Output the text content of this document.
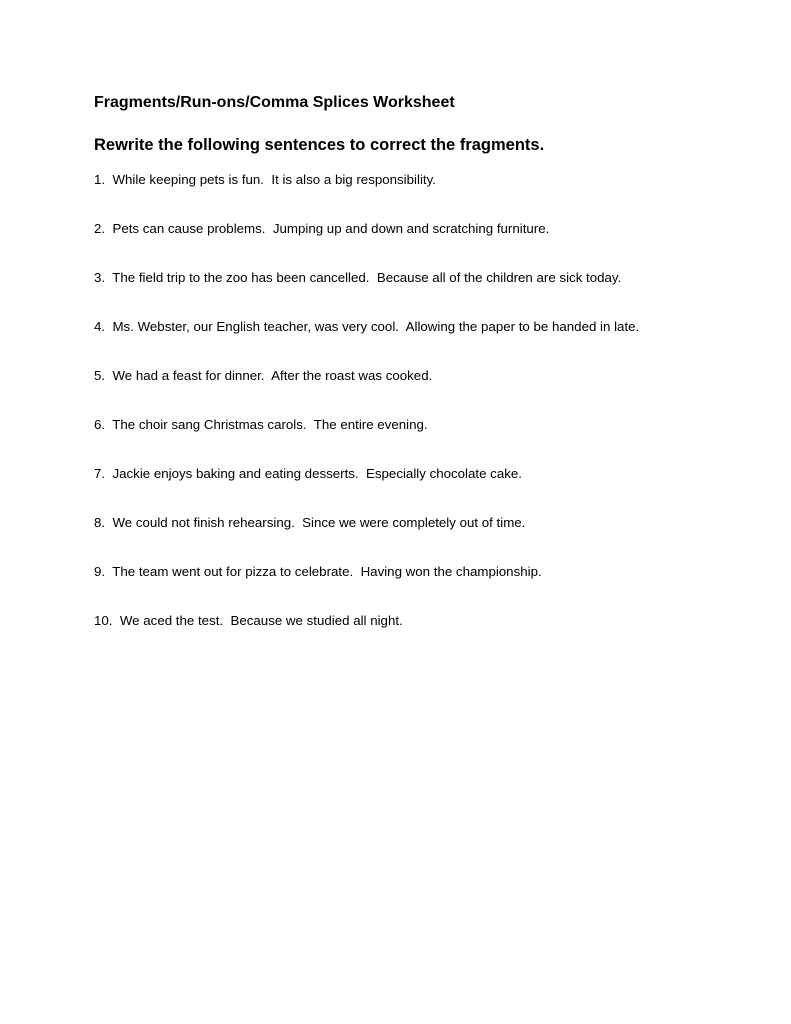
Fragments/Run-ons/Comma Splices Worksheet
Rewrite the following sentences to correct the fragments.
1.  While keeping pets is fun.  It is also a big responsibility.
2.  Pets can cause problems.  Jumping up and down and scratching furniture.
3.  The field trip to the zoo has been cancelled.  Because all of the children are sick today.
4.  Ms. Webster, our English teacher, was very cool.  Allowing the paper to be handed in late.
5.  We had a feast for dinner.  After the roast was cooked.
6.  The choir sang Christmas carols.  The entire evening.
7.  Jackie enjoys baking and eating desserts.  Especially chocolate cake.
8.  We could not finish rehearsing.  Since we were completely out of time.
9.  The team went out for pizza to celebrate.  Having won the championship.
10.  We aced the test.  Because we studied all night.
